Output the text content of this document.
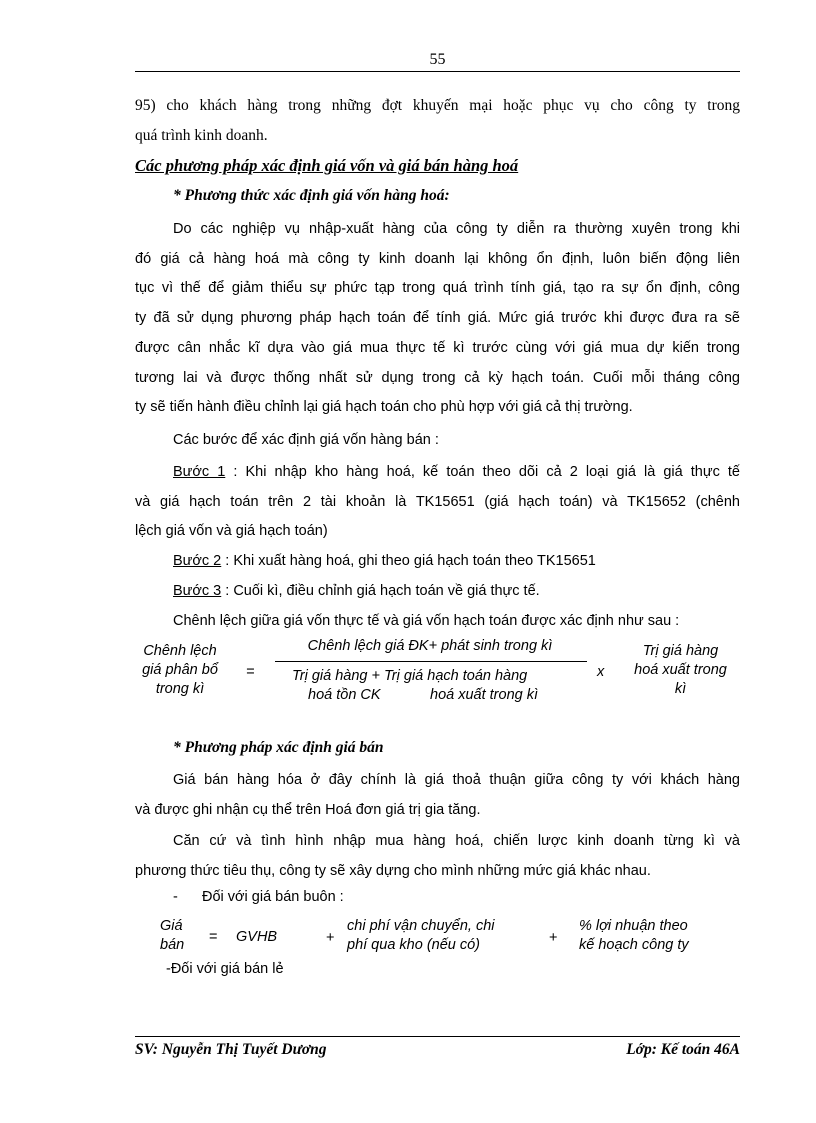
55
95) cho khách hàng trong những đợt khuyến mại hoặc phục vụ cho công ty trong
quá trình kinh doanh.
Các phương pháp xác định giá vốn và giá bán hàng hoá
* Phương thức xác định giá vốn hàng hoá:
Do các nghiệp vụ nhập-xuất hàng của công ty diễn ra thường xuyên trong khi
đó giá cả hàng hoá mà công ty kinh doanh lại không ổn định, luôn biến động liên
tục vì thế để giảm thiểu sự phức tạp trong quá trình tính giá, tạo ra sự ổn định, công
ty đã sử dụng phương pháp hạch toán để tính giá. Mức giá trước khi được đưa ra sẽ
được cân nhắc kĩ dựa vào giá mua thực tế kì trước cùng với giá mua dự kiến trong
tương lai và được thống nhất sử dụng trong cả kỳ hạch toán. Cuối mỗi tháng công
ty sẽ tiến hành điều chỉnh lại giá hạch toán cho phù hợp với giá cả thị trường.
Các bước để xác định giá vốn hàng bán :
Bước 1 : Khi nhập kho hàng hoá, kế toán theo dõi cả 2 loại giá là giá thực tế
và giá hạch toán trên 2 tài khoản là TK15651 (giá hạch toán) và TK15652 (chênh
lệch giá vốn và giá hạch toán)
Bước 2 : Khi xuất hàng hoá, ghi theo giá hạch toán theo TK15651
Bước 3 : Cuối kì, điều chỉnh giá hạch toán về giá thực tế.
Chênh lệch giữa giá vốn thực tế và giá vốn hạch toán được xác định như sau :
Chênh lệch
giá phân bổ
trong kì
=
Chênh lệch giá ĐK+ phát sinh trong kì
Trị giá hàng + Trị giá hạch toán hàng
hoá tồn CK	hoá xuất trong kì
x
Trị giá hàng
hoá xuất trong
kì
* Phương pháp xác định giá bán
Giá bán hàng hóa ở đây chính là giá thoả thuận giữa công ty với khách hàng
và được ghi nhận cụ thể trên Hoá đơn giá trị gia tăng.
Căn cứ và tình hình nhập mua hàng hoá, chiến lược kinh doanh từng kì và
phương thức tiêu thụ, công ty sẽ xây dựng cho mình những mức giá khác nhau.
- Đối với giá bán buôn :
Giá
bán = GVHB	+
chi phí vận chuyển, chi
phí qua kho (nếu có)	+
% lợi nhuận theo
kế hoạch công ty
-Đối với giá bán lẻ
SV: Nguyễn Thị Tuyết Dương	Lớp: Kế toán 46A
